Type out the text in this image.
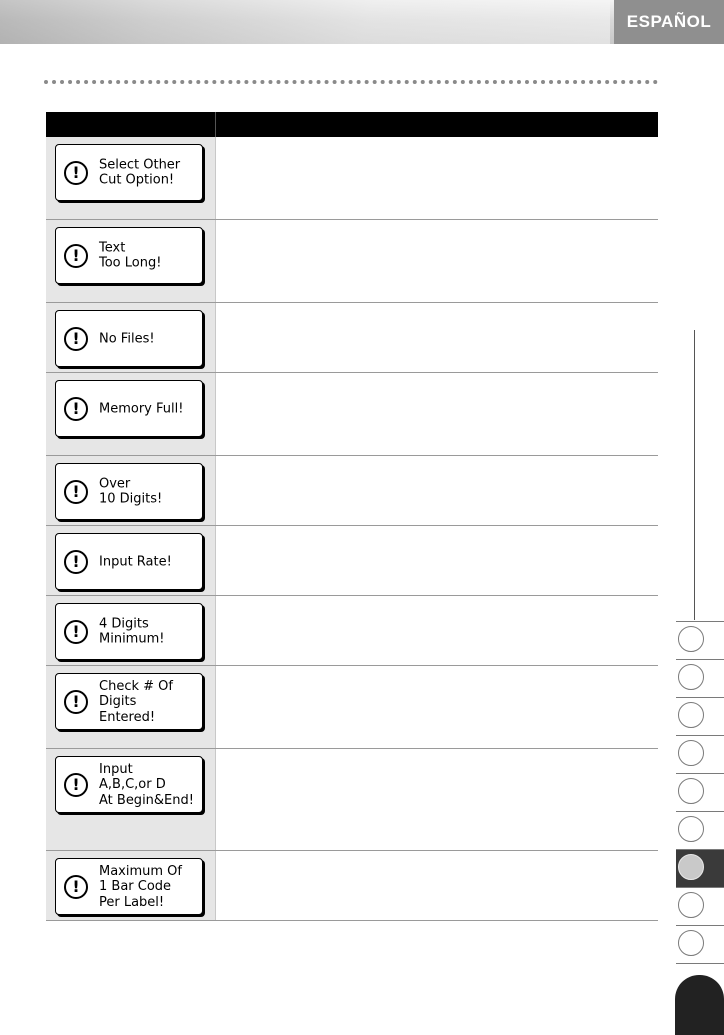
ESPAÑOL
!	Select Other
Cut Option!
!	Text
Too Long!
!	No Files!
!	Memory Full!
!	Over
10 Digits!
!	Input Rate!
!	4 Digits
Minimum!
!
Check # Of
Digits
Entered!
!
Input
A,B,C,or D
At Begin&End!
!
Maximum Of
1 Bar Code
Per Label!
